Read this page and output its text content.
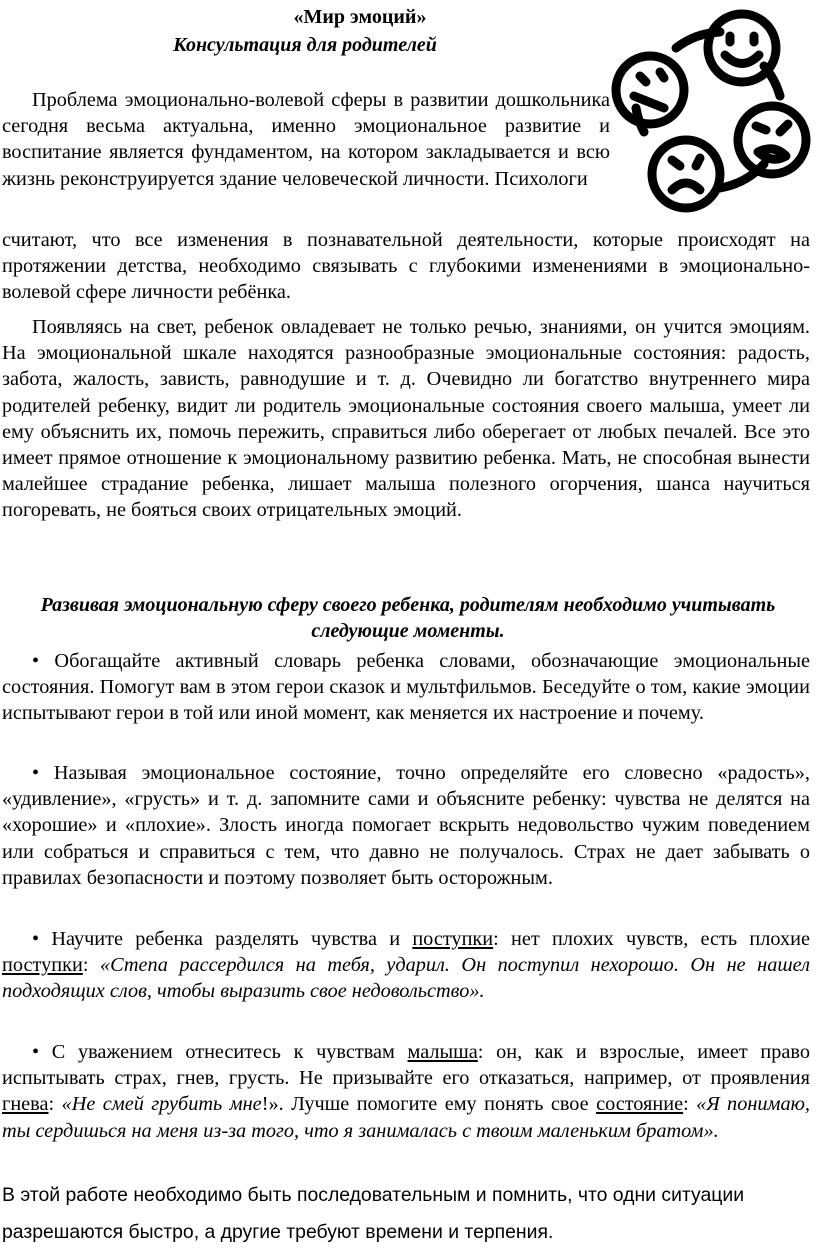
«Мир эмоций»
Консультация для родителей

Проблема эмоционально-волевой сферы в развитии дошкольника сегодня весьма актуальна, именно эмоциональное развитие и воспитание является фундаментом, на котором закладывается и всю жизнь реконструируется здание человеческой личности. Психологи

считают, что все изменения в познавательной деятельности, которые происходят на протяжении детства, необходимо связывать с глубокими изменениями в эмоционально-волевой сфере личности ребёнка.

Появляясь на свет, ребенок овладевает не только речью, знаниями, он учится эмоциям. На эмоциональной шкале находятся разнообразные эмоциональные состояния: радость, забота, жалость, зависть, равнодушие и т. д. Очевидно ли богатство внутреннего мира родителей ребенку, видит ли родитель эмоциональные состояния своего малыша, умеет ли ему объяснить их, помочь пережить, справиться либо оберегает от любых печалей. Все это имеет прямое отношение к эмоциональному развитию ребенка. Мать, не способная вынести малейшее страдание ребенка, лишает малыша полезного огорчения, шанса научиться погоревать, не бояться своих отрицательных эмоций.

Развивая эмоциональную сферу своего ребенка, родителям необходимо учитывать следующие моменты.

• Обогащайте активный словарь ребенка словами, обозначающие эмоциональные состояния. Помогут вам в этом герои сказок и мультфильмов. Беседуйте о том, какие эмоции испытывают герои в той или иной момент, как меняется их настроение и почему.

• Называя эмоциональное состояние, точно определяйте его словесно «радость», «удивление», «грусть» и т. д. запомните сами и объясните ребенку: чувства не делятся на «хорошие» и «плохие». Злость иногда помогает вскрыть недовольство чужим поведением или собраться и справиться с тем, что давно не получалось. Страх не дает забывать о правилах безопасности и поэтому позволяет быть осторожным.

• Научите ребенка разделять чувства и поступки: нет плохих чувств, есть плохие поступки: «Степа рассердился на тебя, ударил. Он поступил нехорошо. Он не нашел подходящих слов, чтобы выразить свое недовольство».

• С уважением отнеситесь к чувствам малыша: он, как и взрослые, имеет право испытывать страх, гнев, грусть. Не призывайте его отказаться, например, от проявления гнева: «Не смей грубить мне!». Лучше помогите ему понять свое состояние: «Я понимаю, ты сердишься на меня из-за того, что я занималась с твоим маленьким братом».

В этой работе необходимо быть последовательным и помнить, что одни ситуации разрешаются быстро, а другие требуют времени и терпения.
